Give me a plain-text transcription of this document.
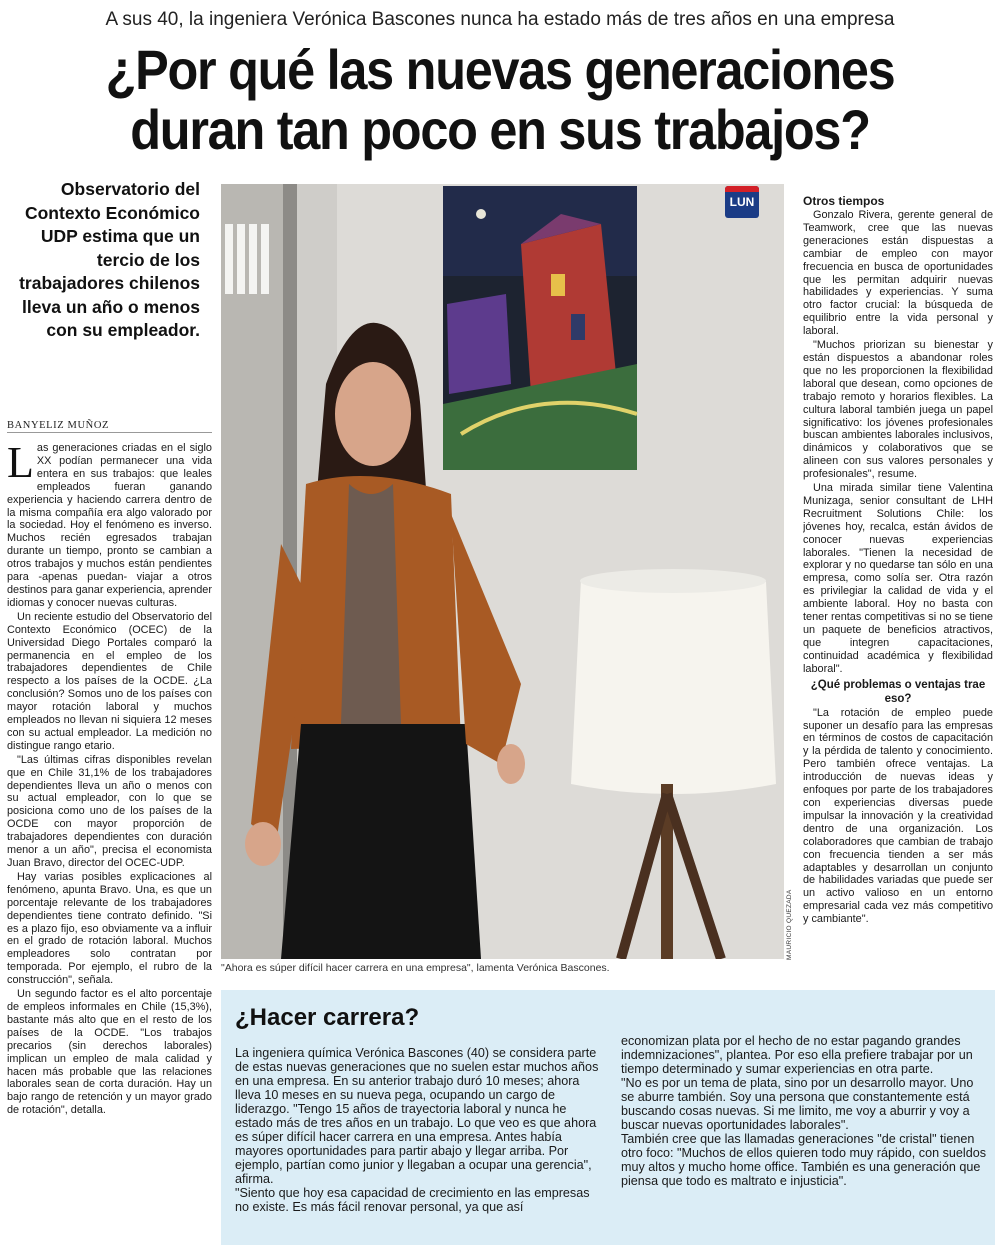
A sus 40, la ingeniera Verónica Bascones nunca ha estado más de tres años en una empresa
¿Por qué las nuevas generaciones
duran tan poco en sus trabajos?
Observatorio del Contexto Económico UDP estima que un tercio de los trabajadores chilenos lleva un año o menos con su empleador.
BANYELIZ MUÑOZ

Las generaciones criadas en el siglo XX podían permanecer una vida entera en sus trabajos: que leales empleados fueran ganando experiencia y haciendo carrera dentro de la misma compañía era algo valorado por la sociedad. Hoy el fenómeno es inverso. Muchos recién egresados trabajan durante un tiempo, pronto se cambian a otros trabajos y muchos están pendientes para -apenas puedan- viajar a otros destinos para ganar experiencia, aprender idiomas y conocer nuevas culturas.

Un reciente estudio del Observatorio del Contexto Económico (OCEC) de la Universidad Diego Portales comparó la permanencia en el empleo de los trabajadores dependientes de Chile respecto a los países de la OCDE. ¿La conclusión? Somos uno de los países con mayor rotación laboral y muchos empleados no llevan ni siquiera 12 meses con su actual empleador. La medición no distingue rango etario.

"Las últimas cifras disponibles revelan que en Chile 31,1% de los trabajadores dependientes lleva un año o menos con su actual empleador, con lo que se posiciona como uno de los países de la OCDE con mayor proporción de trabajadores dependientes con duración menor a un año", precisa el economista Juan Bravo, director del OCEC-UDP.

Hay varias posibles explicaciones al fenómeno, apunta Bravo. Una, es que un porcentaje relevante de los trabajadores dependientes tiene contrato definido. "Si es a plazo fijo, eso obviamente va a influir en el grado de rotación laboral. Muchos empleadores solo contratan por temporada. Por ejemplo, el rubro de la construcción", señala.

Un segundo factor es el alto porcentaje de empleos informales en Chile (15,3%), bastante más alto que en el resto de los países de la OCDE. "Los trabajos precarios (sin derechos laborales) implican un empleo de mala calidad y hacen más probable que las relaciones laborales sean de corta duración. Hay un bajo rango de retención y un mayor grado de rotación", detalla.

LUN
MAURICIO QUEZADA
"Ahora es súper difícil hacer carrera en una empresa", lamenta Verónica Bascones.
Otros tiempos

Gonzalo Rivera, gerente general de Teamwork, cree que las nuevas generaciones están dispuestas a cambiar de empleo con mayor frecuencia en busca de oportunidades que les permitan adquirir nuevas habilidades y experiencias. Y suma otro factor crucial: la búsqueda de equilibrio entre la vida personal y laboral.

"Muchos priorizan su bienestar y están dispuestos a abandonar roles que no les proporcionen la flexibilidad laboral que desean, como opciones de trabajo remoto y horarios flexibles. La cultura laboral también juega un papel significativo: los jóvenes profesionales buscan ambientes laborales inclusivos, dinámicos y colaborativos que se alineen con sus valores personales y profesionales", resume.

Una mirada similar tiene Valentina Munizaga, senior consultant de LHH Recruitment Solutions Chile: los jóvenes hoy, recalca, están ávidos de conocer nuevas experiencias laborales. "Tienen la necesidad de explorar y no quedarse tan sólo en una empresa, como solía ser. Otra razón es privilegiar la calidad de vida y el ambiente laboral. Hoy no basta con tener rentas competitivas si no se tiene un paquete de beneficios atractivos, que integren capacitaciones, continuidad académica y flexibilidad laboral".

¿Qué problemas o ventajas trae eso?

"La rotación de empleo puede suponer un desafío para las empresas en términos de costos de capacitación y la pérdida de talento y conocimiento. Pero también ofrece ventajas. La introducción de nuevas ideas y enfoques por parte de los trabajadores con experiencias diversas puede impulsar la innovación y la creatividad dentro de una organización. Los colaboradores que cambian de trabajo con frecuencia tienden a ser más adaptables y desarrollan un conjunto de habilidades variadas que puede ser un activo valioso en un entorno empresarial cada vez más competitivo y cambiante".

¿Hacer carrera?

La ingeniera química Verónica Bascones (40) se considera parte de estas nuevas generaciones que no suelen estar muchos años en una empresa. En su anterior trabajo duró 10 meses; ahora lleva 10 meses en su nueva pega, ocupando un cargo de liderazgo. "Tengo 15 años de trayectoria laboral y nunca he estado más de tres años en un trabajo. Lo que veo es que ahora es súper difícil hacer carrera en una empresa. Antes había mayores oportunidades para partir abajo y llegar arriba. Por ejemplo, partían como junior y llegaban a ocupar una gerencia", afirma.

"Siento que hoy esa capacidad de crecimiento en las empresas no existe. Es más fácil renovar personal, ya que así

economizan plata por el hecho de no estar pagando grandes indemnizaciones", plantea. Por eso ella prefiere trabajar por un tiempo determinado y sumar experiencias en otra parte.

"No es por un tema de plata, sino por un desarrollo mayor. Uno se aburre también. Soy una persona que constantemente está buscando cosas nuevas. Si me limito, me voy a aburrir y voy a buscar nuevas oportunidades laborales".

También cree que las llamadas generaciones "de cristal" tienen otro foco: "Muchos de ellos quieren todo muy rápido, con sueldos muy altos y mucho home office. También es una generación que piensa que todo es maltrato e injusticia".
